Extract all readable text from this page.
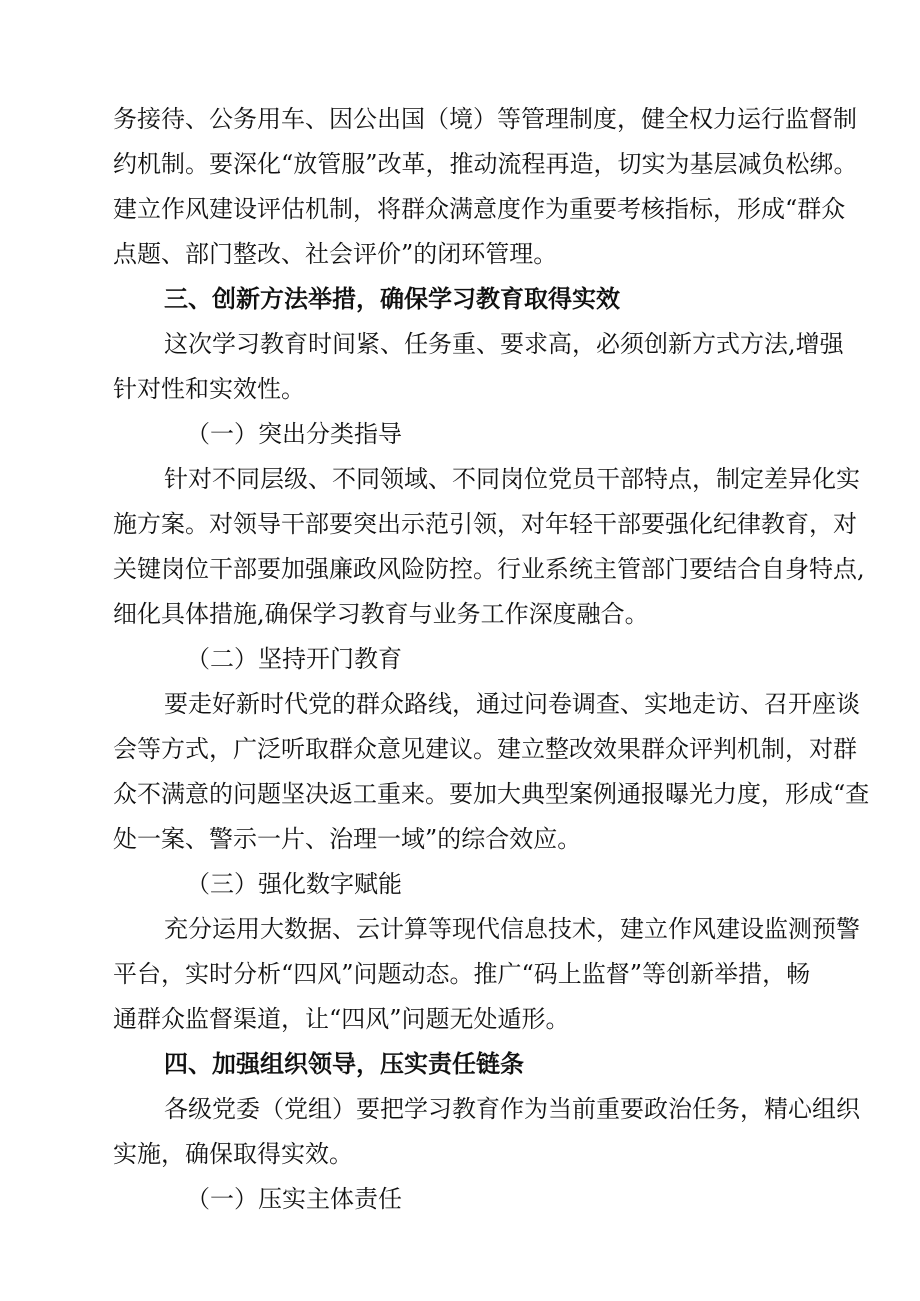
务接待、公务用车、因公出国（境）等管理制度，健全权力运行监督制
约机制。要深化“放管服”改革，推动流程再造，切实为基层减负松绑。
建立作风建设评估机制，将群众满意度作为重要考核指标，形成“群众
点题、部门整改、社会评价”的闭环管理。
三、创新方法举措，确保学习教育取得实效
这次学习教育时间紧、任务重、要求高，必须创新方式方法,增强
针对性和实效性。
（一）突出分类指导
针对不同层级、不同领域、不同岗位党员干部特点，制定差异化实
施方案。对领导干部要突出示范引领，对年轻干部要强化纪律教育，对
关键岗位干部要加强廉政风险防控。行业系统主管部门要结合自身特点,
细化具体措施,确保学习教育与业务工作深度融合。
（二）坚持开门教育
要走好新时代党的群众路线，通过问卷调查、实地走访、召开座谈
会等方式，广泛听取群众意见建议。建立整改效果群众评判机制，对群
众不满意的问题坚决返工重来。要加大典型案例通报曝光力度，形成“查
处一案、警示一片、治理一域”的综合效应。
（三）强化数字赋能
充分运用大数据、云计算等现代信息技术，建立作风建设监测预警
平台，实时分析“四风”问题动态。推广“码上监督”等创新举措，畅
通群众监督渠道，让“四风”问题无处遁形。
四、加强组织领导，压实责任链条
各级党委（党组）要把学习教育作为当前重要政治任务，精心组织
实施，确保取得实效。
（一）压实主体责任
